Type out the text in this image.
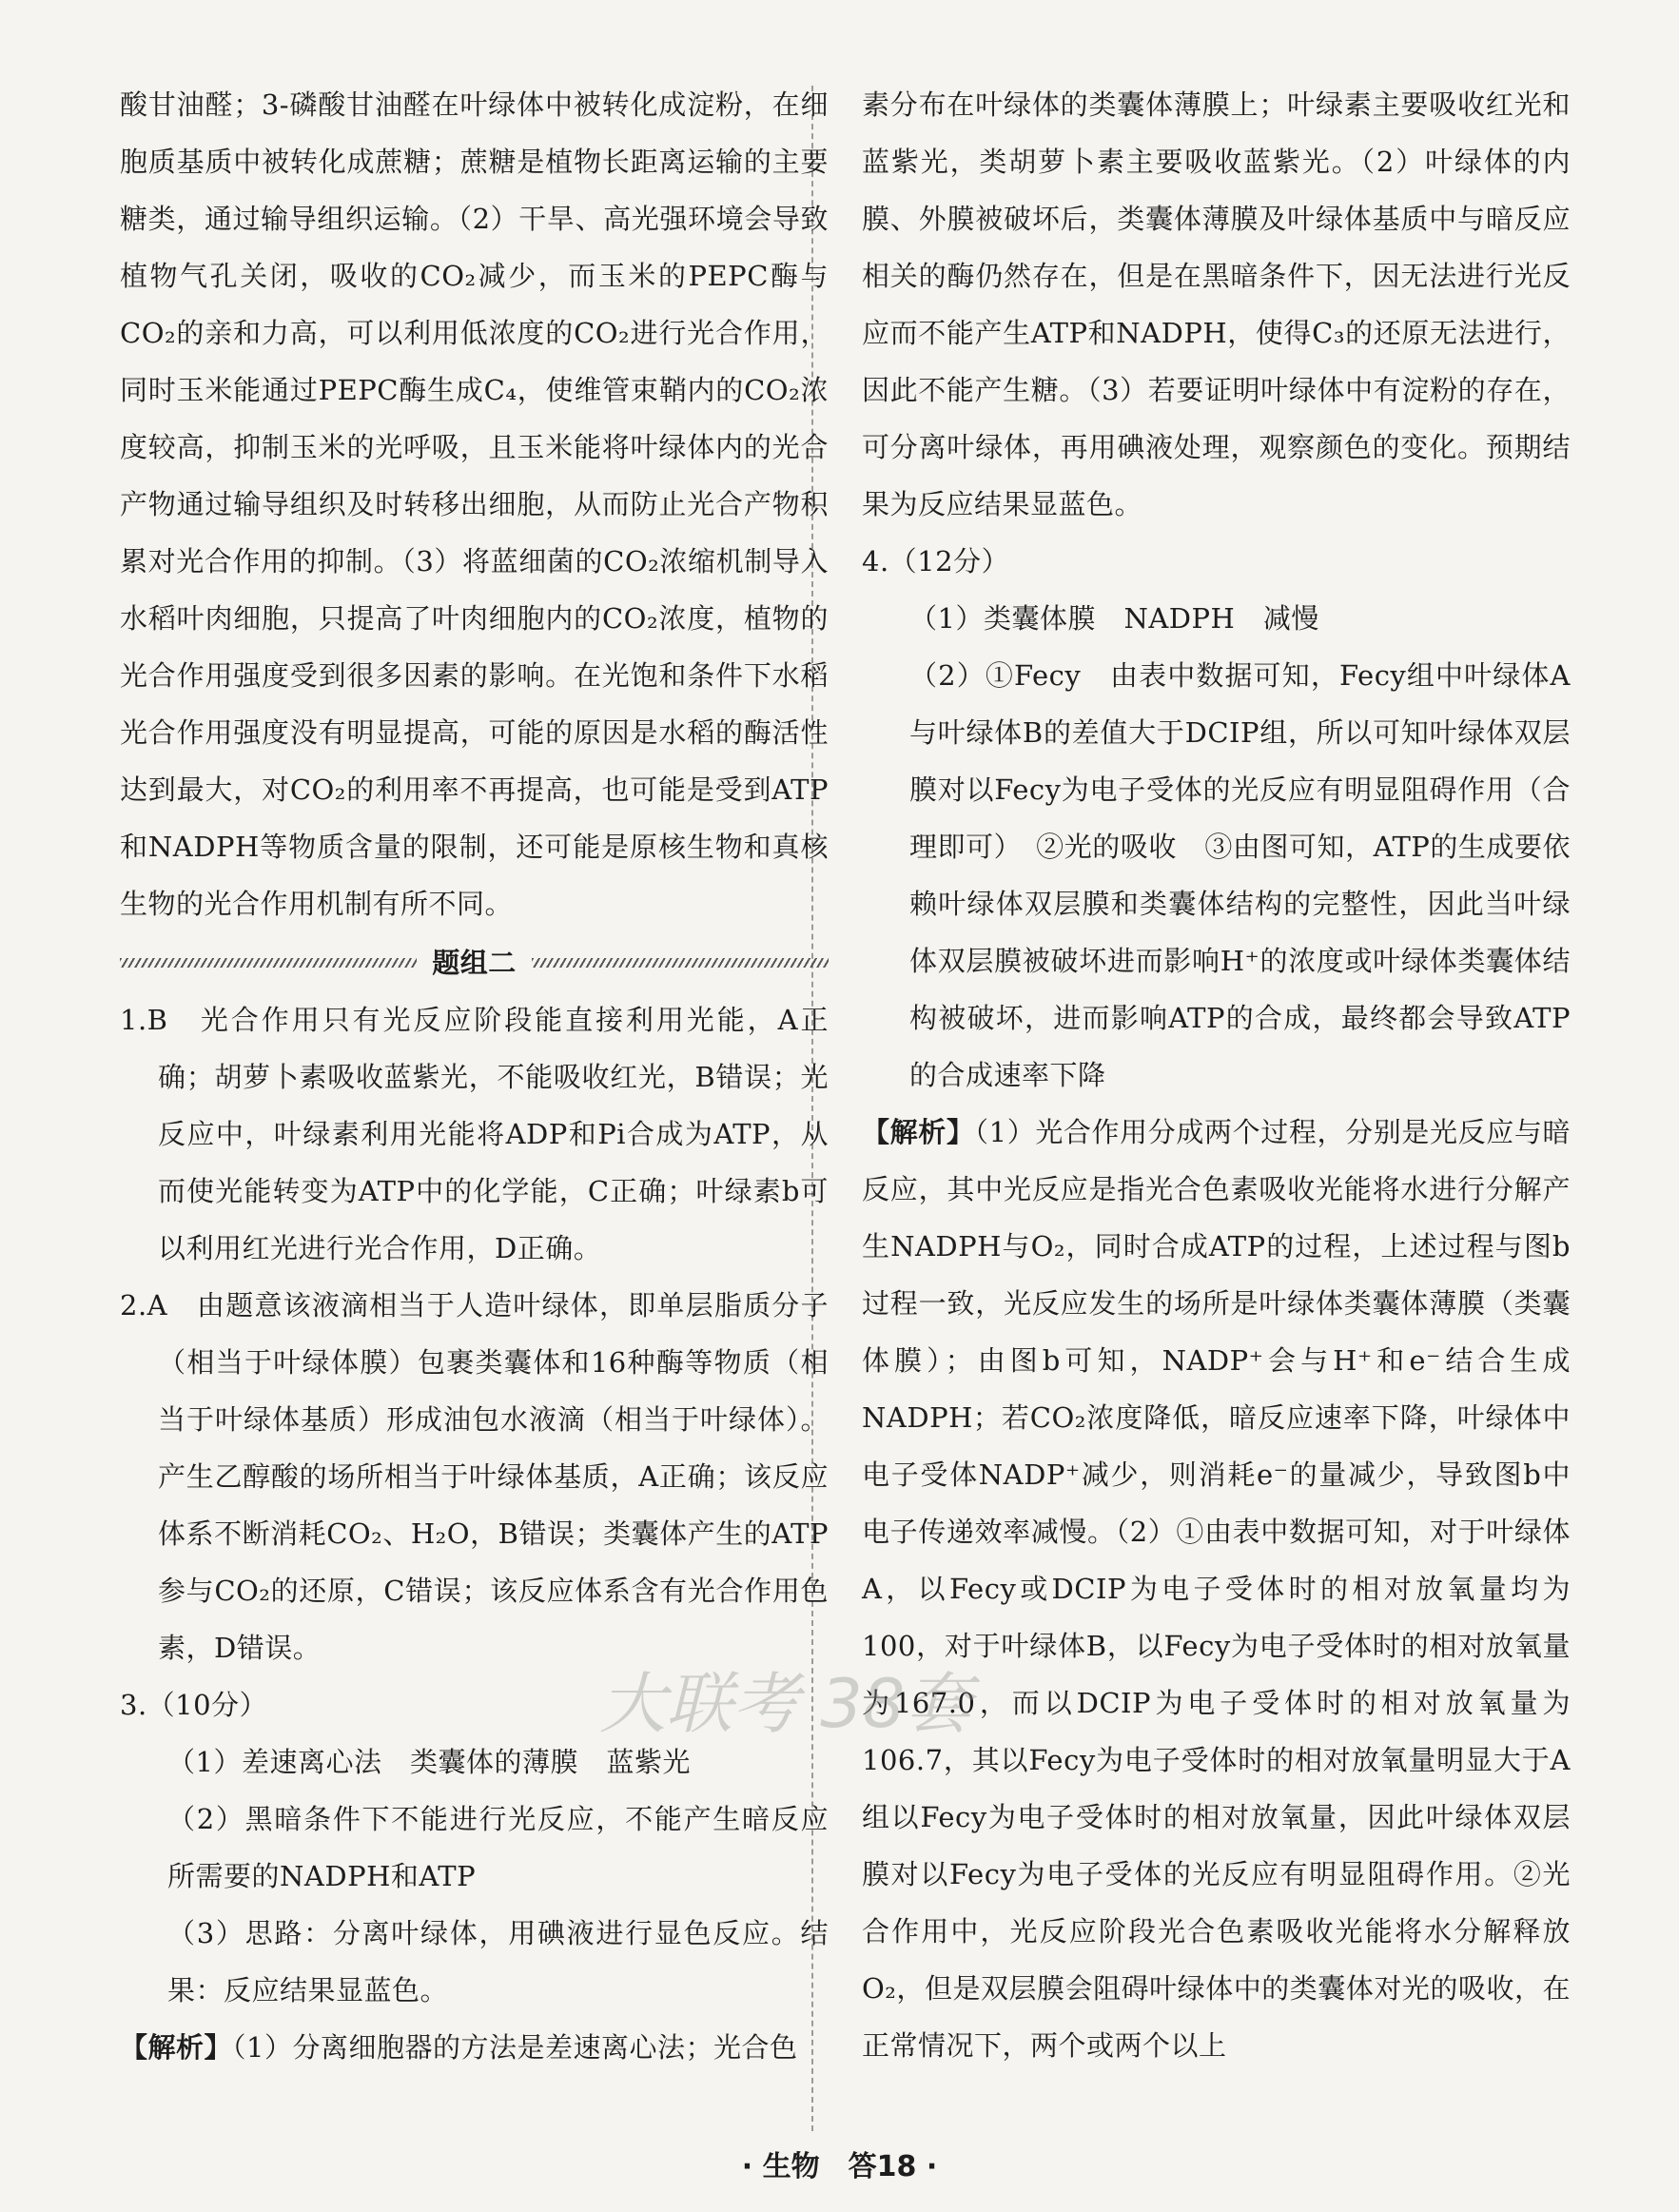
酸甘油醛；3-磷酸甘油醛在叶绿体中被转化成淀粉，在细胞质基质中被转化成蔗糖；蔗糖是植物长距离运输的主要糖类，通过输导组织运输。（2）干旱、高光强环境会导致植物气孔关闭，吸收的CO₂减少，而玉米的PEPC酶与CO₂的亲和力高，可以利用低浓度的CO₂进行光合作用，同时玉米能通过PEPC酶生成C₄，使维管束鞘内的CO₂浓度较高，抑制玉米的光呼吸，且玉米能将叶绿体内的光合产物通过输导组织及时转移出细胞，从而防止光合产物积累对光合作用的抑制。（3）将蓝细菌的CO₂浓缩机制导入水稻叶肉细胞，只提高了叶肉细胞内的CO₂浓度，植物的光合作用强度受到很多因素的影响。在光饱和条件下水稻光合作用强度没有明显提高，可能的原因是水稻的酶活性达到最大，对CO₂的利用率不再提高，也可能是受到ATP和NADPH等物质含量的限制，还可能是原核生物和真核生物的光合作用机制有所不同。

题组二

1.B　光合作用只有光反应阶段能直接利用光能，A正确；胡萝卜素吸收蓝紫光，不能吸收红光，B错误；光反应中，叶绿素利用光能将ADP和Pi合成为ATP，从而使光能转变为ATP中的化学能，C正确；叶绿素b可以利用红光进行光合作用，D正确。

2.A　由题意该液滴相当于人造叶绿体，即单层脂质分子（相当于叶绿体膜）包裹类囊体和16种酶等物质（相当于叶绿体基质）形成油包水液滴（相当于叶绿体）。产生乙醇酸的场所相当于叶绿体基质，A正确；该反应体系不断消耗CO₂、H₂O，B错误；类囊体产生的ATP参与CO₂的还原，C错误；该反应体系含有光合作用色素，D错误。

3.（10分）

（1）差速离心法　类囊体的薄膜　蓝紫光

（2）黑暗条件下不能进行光反应，不能产生暗反应所需要的NADPH和ATP

（3）思路：分离叶绿体，用碘液进行显色反应。结果：反应结果显蓝色。

【解析】（1）分离细胞器的方法是差速离心法；光合色

素分布在叶绿体的类囊体薄膜上；叶绿素主要吸收红光和蓝紫光，类胡萝卜素主要吸收蓝紫光。（2）叶绿体的内膜、外膜被破坏后，类囊体薄膜及叶绿体基质中与暗反应相关的酶仍然存在，但是在黑暗条件下，因无法进行光反应而不能产生ATP和NADPH，使得C₃的还原无法进行，因此不能产生糖。（3）若要证明叶绿体中有淀粉的存在，可分离叶绿体，再用碘液处理，观察颜色的变化。预期结果为反应结果显蓝色。

4.（12分）

（1）类囊体膜　NADPH　减慢

（2）①Fecy　由表中数据可知，Fecy组中叶绿体A与叶绿体B的差值大于DCIP组，所以可知叶绿体双层膜对以Fecy为电子受体的光反应有明显阻碍作用（合理即可）　②光的吸收　③由图可知，ATP的生成要依赖叶绿体双层膜和类囊体结构的完整性，因此当叶绿体双层膜被破坏进而影响H⁺的浓度或叶绿体类囊体结构被破坏，进而影响ATP的合成，最终都会导致ATP的合成速率下降

【解析】（1）光合作用分成两个过程，分别是光反应与暗反应，其中光反应是指光合色素吸收光能将水进行分解产生NADPH与O₂，同时合成ATP的过程，上述过程与图b过程一致，光反应发生的场所是叶绿体类囊体薄膜（类囊体膜）；由图b可知，NADP⁺会与H⁺和e⁻结合生成NADPH；若CO₂浓度降低，暗反应速率下降，叶绿体中电子受体NADP⁺减少，则消耗e⁻的量减少，导致图b中电子传递效率减慢。（2）①由表中数据可知，对于叶绿体A，以Fecy或DCIP为电子受体时的相对放氧量均为100，对于叶绿体B，以Fecy为电子受体时的相对放氧量为167.0，而以DCIP为电子受体时的相对放氧量为106.7，其以Fecy为电子受体时的相对放氧量明显大于A组以Fecy为电子受体时的相对放氧量，因此叶绿体双层膜对以Fecy为电子受体的光反应有明显阻碍作用。②光合作用中，光反应阶段光合色素吸收光能将水分解释放O₂，但是双层膜会阻碍叶绿体中的类囊体对光的吸收，在正常情况下，两个或两个以上

大联考 38套
· 生物　答18 ·
